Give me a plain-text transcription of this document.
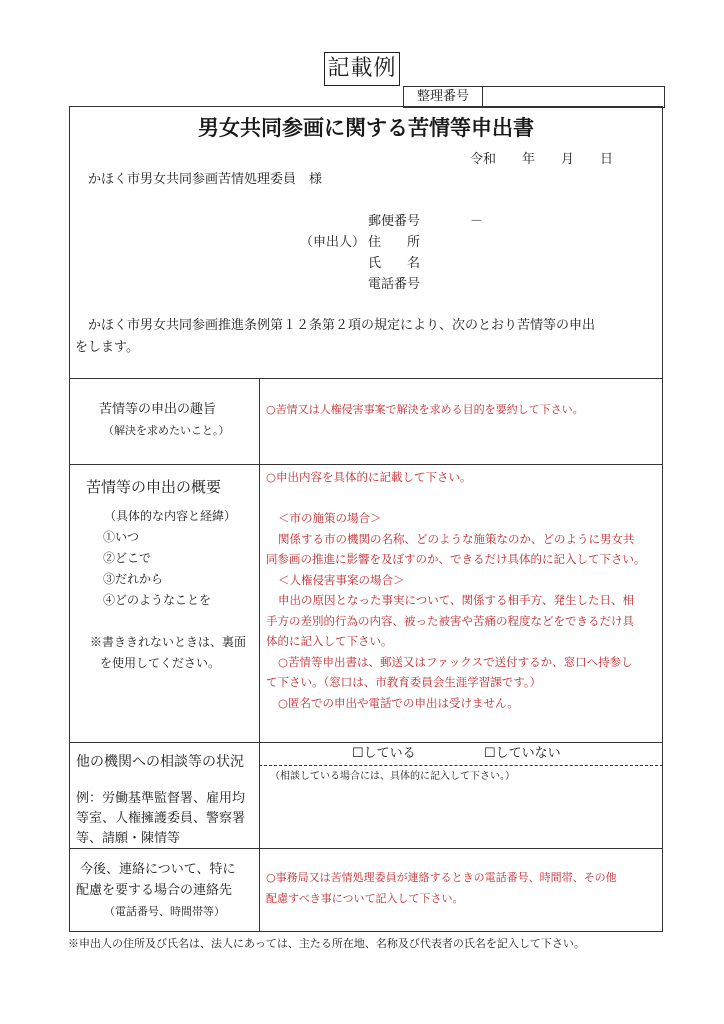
記載例
整理番号
男女共同参画に関する苦情等申出書
令和　　年　　月　　日
かほく市男女共同参画苦情処理委員　様
郵便番号	－
（申出人） 住　　所
氏　　名
電話番号
かほく市男女共同参画推進条例第１２条第２項の規定により、次のとおり苦情等の申出
をします。
苦情等の申出の趣旨
（解決を求めたいこと。）
○苦情又は人権侵害事案で解決を求める目的を要約して下さい。
苦情等の申出の概要
（具体的な内容と経緯）
①いつ
②どこで
③だれから
④どのようなことを
※書ききれないときは、裏面
を使用してください。
○申出内容を具体的に記載して下さい。
＜市の施策の場合＞
関係する市の機関の名称、どのような施策なのか、どのように男女共
同参画の推進に影響を及ぼすのか、できるだけ具体的に記入して下さい。
＜人権侵害事案の場合＞
申出の原因となった事実について、関係する相手方、発生した日、相
手方の差別的行為の内容、被った被害や苦痛の程度などをできるだけ具
体的に記入して下さい。
○苦情等申出書は、郵送又はファックスで送付するか、窓口へ持参し
て下さい。（窓口は、市教育委員会生涯学習課です。）
○匿名での申出や電話での申出は受けません。
他の機関への相談等の状況
例：労働基準監督署、雇用均
等室、人権擁護委員、警察署
等、請願・陳情等
☐している	☐していない
（相談している場合には、具体的に記入して下さい。）
今後、連絡について、特に
配慮を要する場合の連絡先
（電話番号、時間帯等）
○事務局又は苦情処理委員が連絡するときの電話番号、時間帯、その他
配慮すべき事について記入して下さい。
※申出人の住所及び氏名は、法人にあっては、主たる所在地、名称及び代表者の氏名を記入して下さい。
